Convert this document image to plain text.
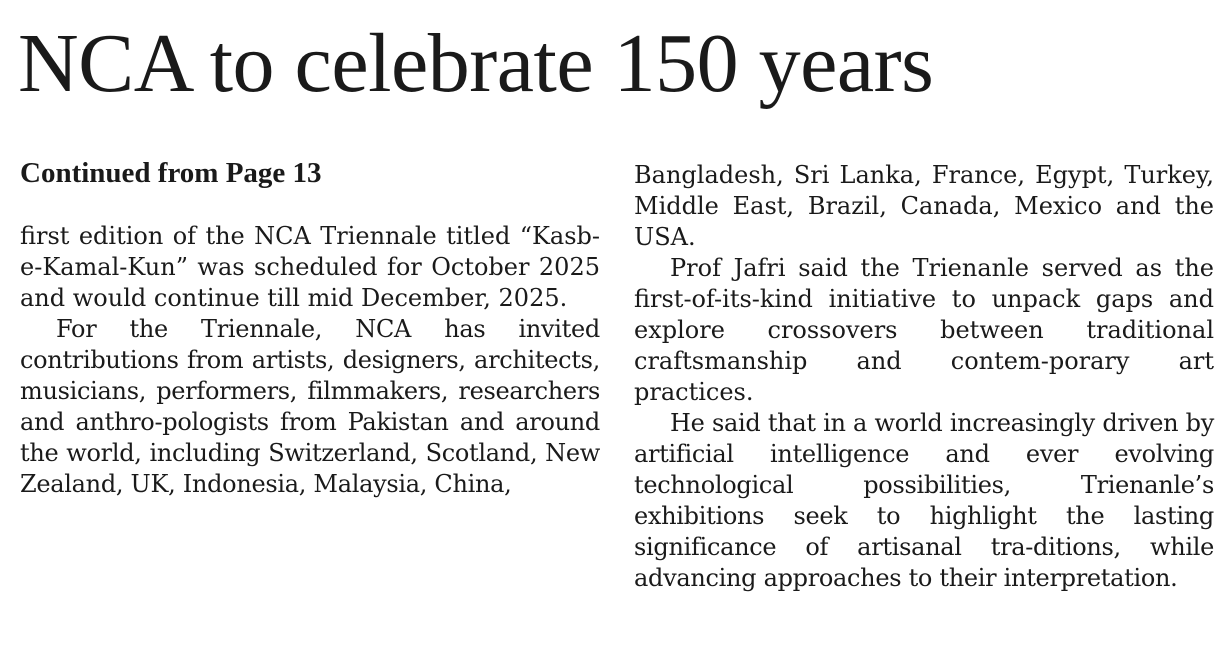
NCA to celebrate 150 years
Continued from Page 13

first edition of the NCA Triennale titled “Kasb-e-Kamal-Kun” was scheduled for October 2025 and would continue till mid December, 2025.

For the Triennale, NCA has invited contributions from artists, designers, architects, musicians, performers, filmmakers, researchers and anthro-pologists from Pakistan and around the world, including Switzerland, Scotland, New Zealand, UK, Indonesia, Malaysia, China,

Bangladesh, Sri Lanka, France, Egypt, Turkey, Middle East, Brazil, Canada, Mexico and the USA.

Prof Jafri said the Trienanle served as the first-of-its-kind initiative to unpack gaps and explore crossovers between traditional craftsmanship and contem-porary art practices.

He said that in a world increasingly driven by artificial intelligence and ever evolving technological possibilities, Trienanle’s exhibitions seek to highlight the lasting significance of artisanal tra-ditions, while advancing approaches to their interpretation.
